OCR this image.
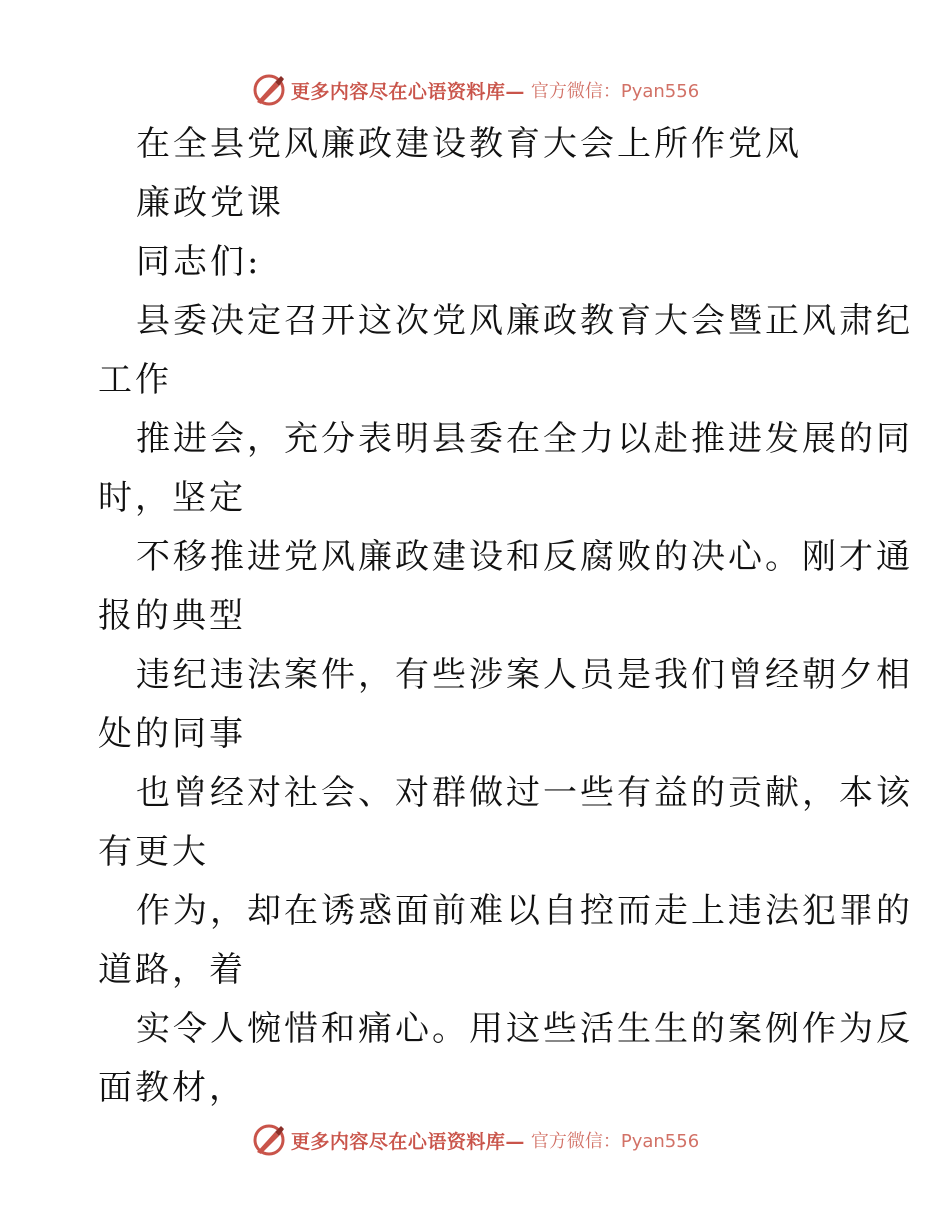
更多内容尽在心语资料库— 官方微信：Pyan556
在全县党风廉政建设教育大会上所作党风
廉政党课
同志们:
县委决定召开这次党风廉政教育大会暨正风肃纪
工作
推进会，充分表明县委在全力以赴推进发展的同
时，坚定
不移推进党风廉政建设和反腐败的决心。刚才通
报的典型
违纪违法案件，有些涉案人员是我们曾经朝夕相
处的同事
也曾经对社会、对群做过一些有益的贡献，本该
有更大
作为，却在诱惑面前难以自控而走上违法犯罪的
道路，着
实令人惋惜和痛心。用这些活生生的案例作为反
面教材，
更多内容尽在心语资料库— 官方微信：Pyan556
